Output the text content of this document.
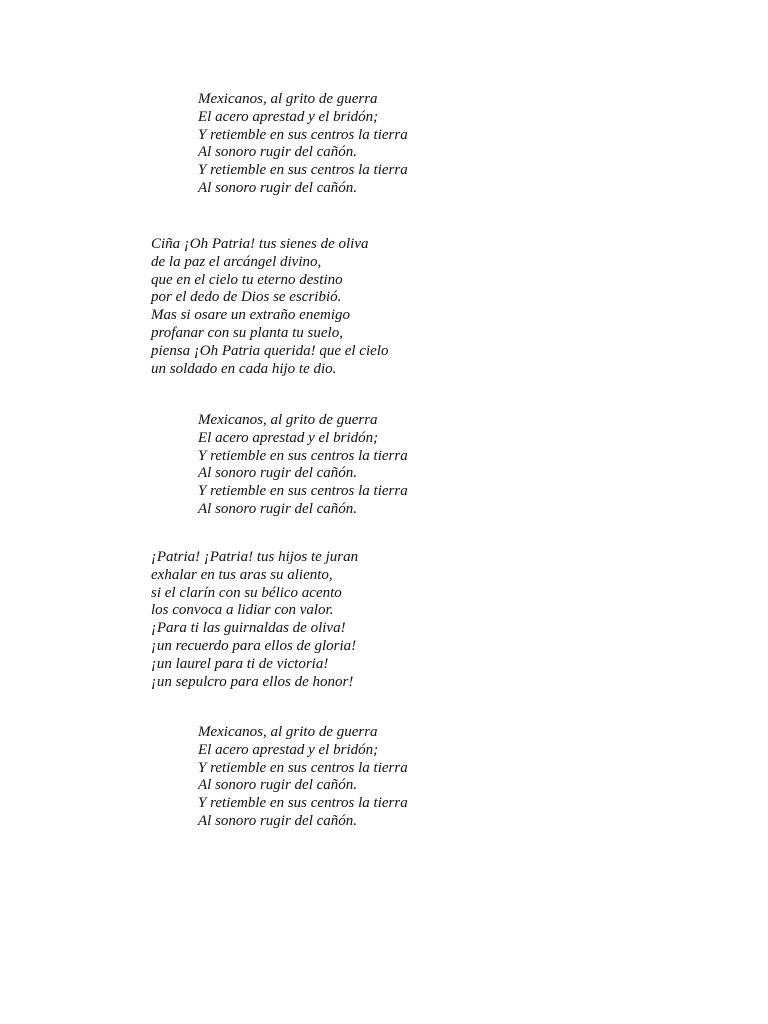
Mexicanos, al grito de guerra
El acero aprestad y el bridón;
Y retiemble en sus centros la tierra
Al sonoro rugir del cañón.
Y retiemble en sus centros la tierra
Al sonoro rugir del cañón.
Ciña ¡Oh Patria! tus sienes de oliva
de la paz el arcángel divino,
que en el cielo tu eterno destino
por el dedo de Dios se escribió.
Mas si osare un extraño enemigo
profanar con su planta tu suelo,
piensa ¡Oh Patria querida! que el cielo
un soldado en cada hijo te dio.
Mexicanos, al grito de guerra
El acero aprestad y el bridón;
Y retiemble en sus centros la tierra
Al sonoro rugir del cañón.
Y retiemble en sus centros la tierra
Al sonoro rugir del cañón.
¡Patria! ¡Patria! tus hijos te juran
exhalar en tus aras su aliento,
si el clarín con su bélico acento
los convoca a lidiar con valor.
¡Para ti las guirnaldas de oliva!
¡un recuerdo para ellos de gloria!
¡un laurel para ti de victoria!
¡un sepulcro para ellos de honor!
Mexicanos, al grito de guerra
El acero aprestad y el bridón;
Y retiemble en sus centros la tierra
Al sonoro rugir del cañón.
Y retiemble en sus centros la tierra
Al sonoro rugir del cañón.
